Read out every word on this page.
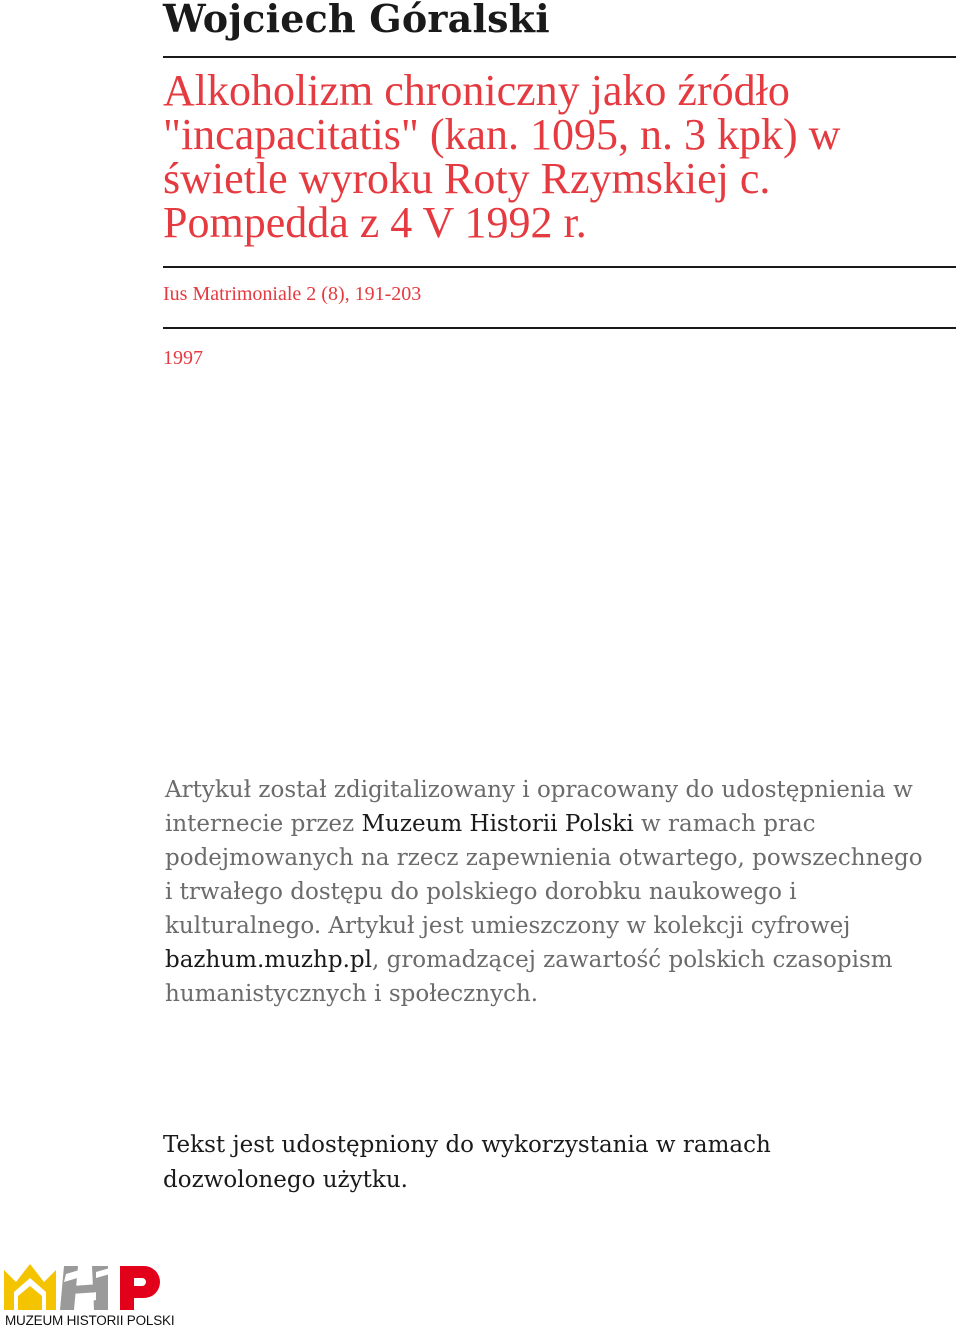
Wojciech Góralski
Alkoholizm chroniczny jako źródło "incapacitatis" (kan. 1095, n. 3 kpk) w świetle wyroku Roty Rzymskiej c. Pompedda z 4 V 1992 r.

Ius Matrimoniale 2 (8), 191-203

1997

Artykuł został zdigitalizowany i opracowany do udostępnienia w internecie przez Muzeum Historii Polski w ramach prac podejmowanych na rzecz zapewnienia otwartego, powszechnego i trwałego dostępu do polskiego dorobku naukowego i kulturalnego. Artykuł jest umieszczony w kolekcji cyfrowej bazhum.muzhp.pl, gromadzącej zawartość polskich czasopism humanistycznych i społecznych.

Tekst jest udostępniony do wykorzystania w ramach dozwolonego użytku.

MUZEUM HISTORII POLSKI
